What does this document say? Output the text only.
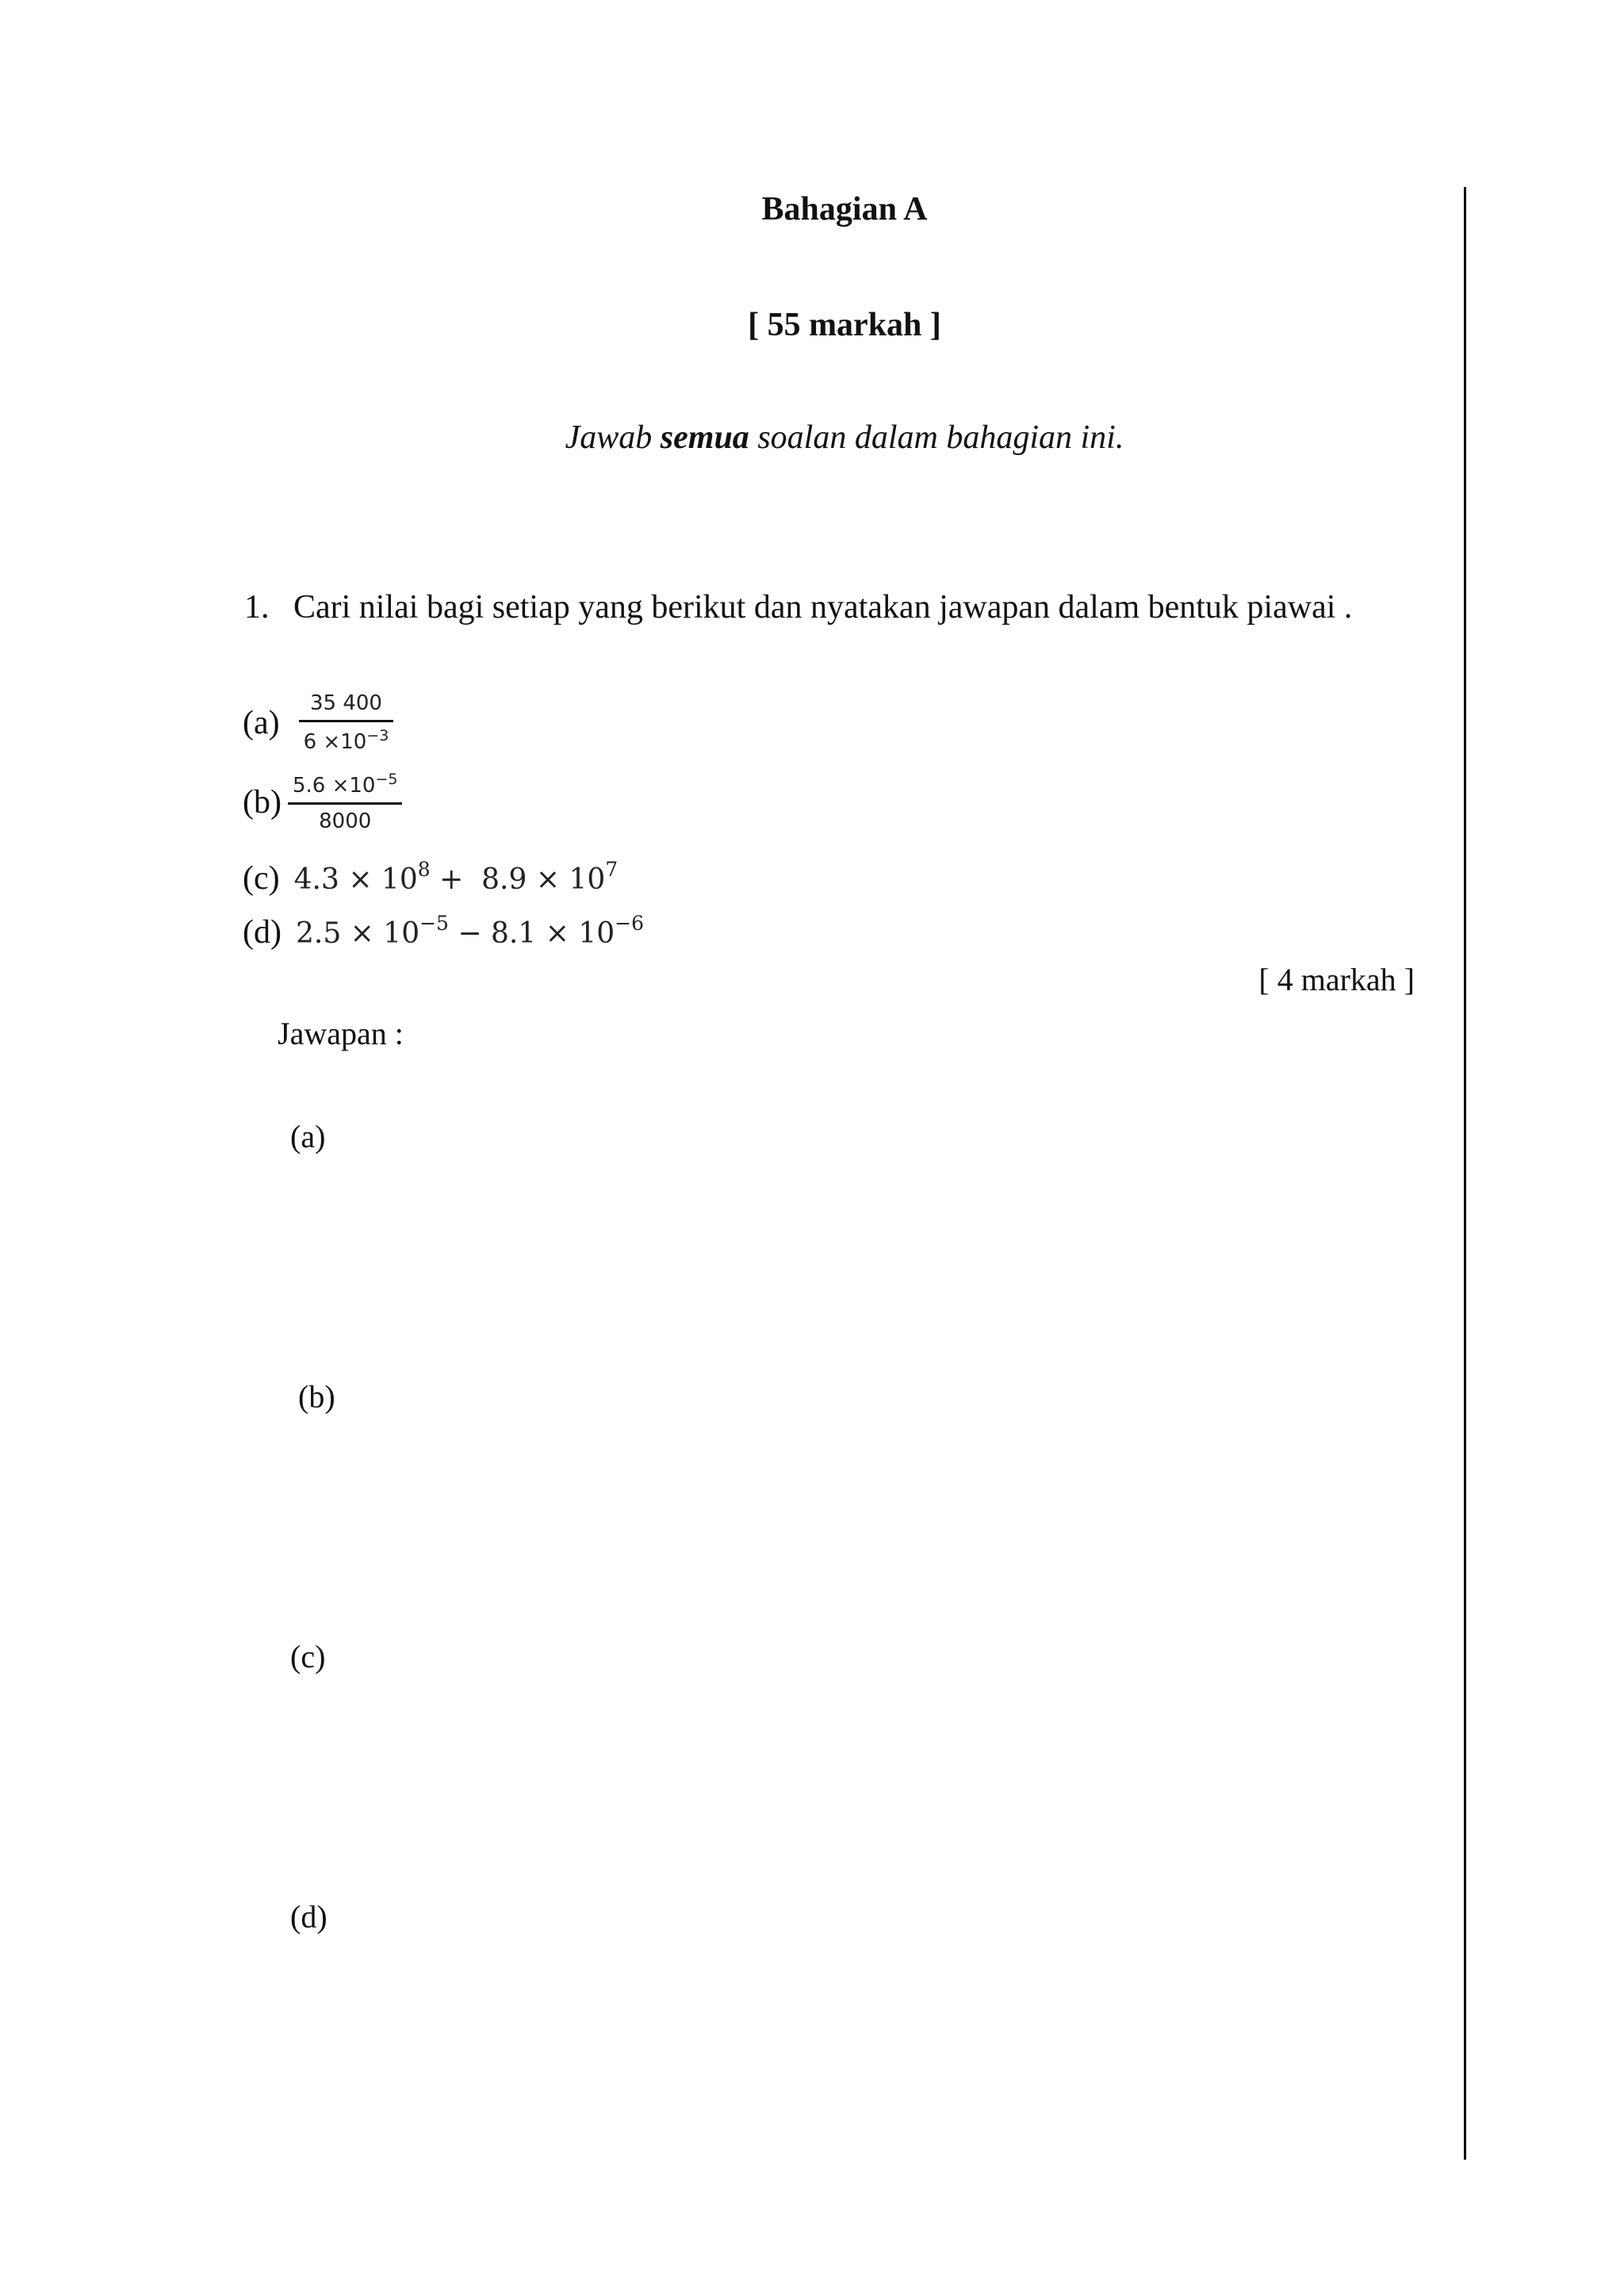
Bahagian A
[ 55 markah ]
Jawab semua soalan dalam bahagian ini.
1. Cari nilai bagi setiap yang berikut dan nyatakan jawapan dalam bentuk piawai .
$(a) \frac{35 400}{6 \times 10^{-3}}$
$(b) \frac{5.6 \times 10^{-5}}{8000}$
(c) $4.3 \times 10^8 + 8.9 \times 10^7$
(d) $2.5 \times 10^{-5} - 8.1 \times 10^{-6}$
[ 4 markah ]
Jawapan :
(a)
(b)
(c)
(d)
